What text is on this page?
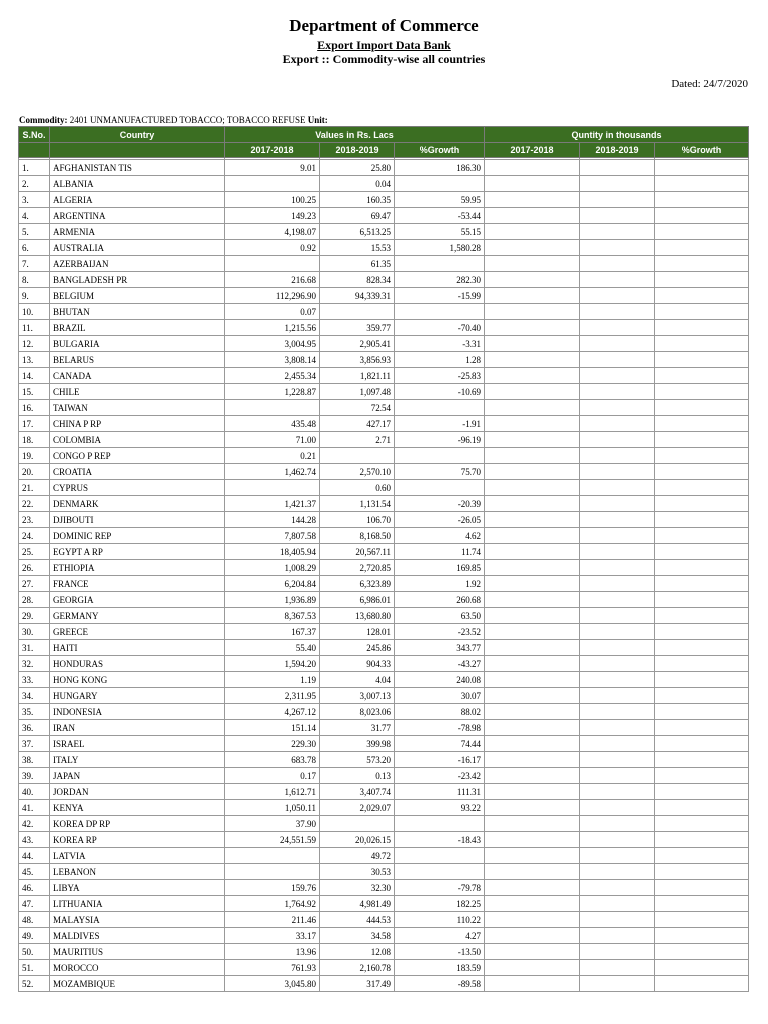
Department of Commerce
Export Import Data Bank
Export :: Commodity-wise all countries
Dated: 24/7/2020
Commodity: 2401 UNMANUFACTURED TOBACCO; TOBACCO REFUSE Unit:
S.No.	Country	Values in Rs. Lacs			Quntity in thousands		
		2017-2018	2018-2019	%Growth	2017-2018	2018-2019	%Growth

1.	AFGHANISTAN TIS	9.01	25.80	186.30			
2.	ALBANIA		0.04				
3.	ALGERIA	100.25	160.35	59.95			
4.	ARGENTINA	149.23	69.47	-53.44			
5.	ARMENIA	4,198.07	6,513.25	55.15			
6.	AUSTRALIA	0.92	15.53	1,580.28			
7.	AZERBAIJAN		61.35				
8.	BANGLADESH PR	216.68	828.34	282.30			
9.	BELGIUM	112,296.90	94,339.31	-15.99			
10.	BHUTAN	0.07					
11.	BRAZIL	1,215.56	359.77	-70.40			
12.	BULGARIA	3,004.95	2,905.41	-3.31			
13.	BELARUS	3,808.14	3,856.93	1.28			
14.	CANADA	2,455.34	1,821.11	-25.83			
15.	CHILE	1,228.87	1,097.48	-10.69			
16.	TAIWAN		72.54				
17.	CHINA P RP	435.48	427.17	-1.91			
18.	COLOMBIA	71.00	2.71	-96.19			
19.	CONGO P REP	0.21					
20.	CROATIA	1,462.74	2,570.10	75.70			
21.	CYPRUS		0.60				
22.	DENMARK	1,421.37	1,131.54	-20.39			
23.	DJIBOUTI	144.28	106.70	-26.05			
24.	DOMINIC REP	7,807.58	8,168.50	4.62			
25.	EGYPT A RP	18,405.94	20,567.11	11.74			
26.	ETHIOPIA	1,008.29	2,720.85	169.85			
27.	FRANCE	6,204.84	6,323.89	1.92			
28.	GEORGIA	1,936.89	6,986.01	260.68			
29.	GERMANY	8,367.53	13,680.80	63.50			
30.	GREECE	167.37	128.01	-23.52			
31.	HAITI	55.40	245.86	343.77			
32.	HONDURAS	1,594.20	904.33	-43.27			
33.	HONG KONG	1.19	4.04	240.08			
34.	HUNGARY	2,311.95	3,007.13	30.07			
35.	INDONESIA	4,267.12	8,023.06	88.02			
36.	IRAN	151.14	31.77	-78.98			
37.	ISRAEL	229.30	399.98	74.44			
38.	ITALY	683.78	573.20	-16.17			
39.	JAPAN	0.17	0.13	-23.42			
40.	JORDAN	1,612.71	3,407.74	111.31			
41.	KENYA	1,050.11	2,029.07	93.22			
42.	KOREA DP RP	37.90					
43.	KOREA RP	24,551.59	20,026.15	-18.43			
44.	LATVIA		49.72				
45.	LEBANON		30.53				
46.	LIBYA	159.76	32.30	-79.78			
47.	LITHUANIA	1,764.92	4,981.49	182.25			
48.	MALAYSIA	211.46	444.53	110.22			
49.	MALDIVES	33.17	34.58	4.27			
50.	MAURITIUS	13.96	12.08	-13.50			
51.	MOROCCO	761.93	2,160.78	183.59			
52.	MOZAMBIQUE	3,045.80	317.49	-89.58			
